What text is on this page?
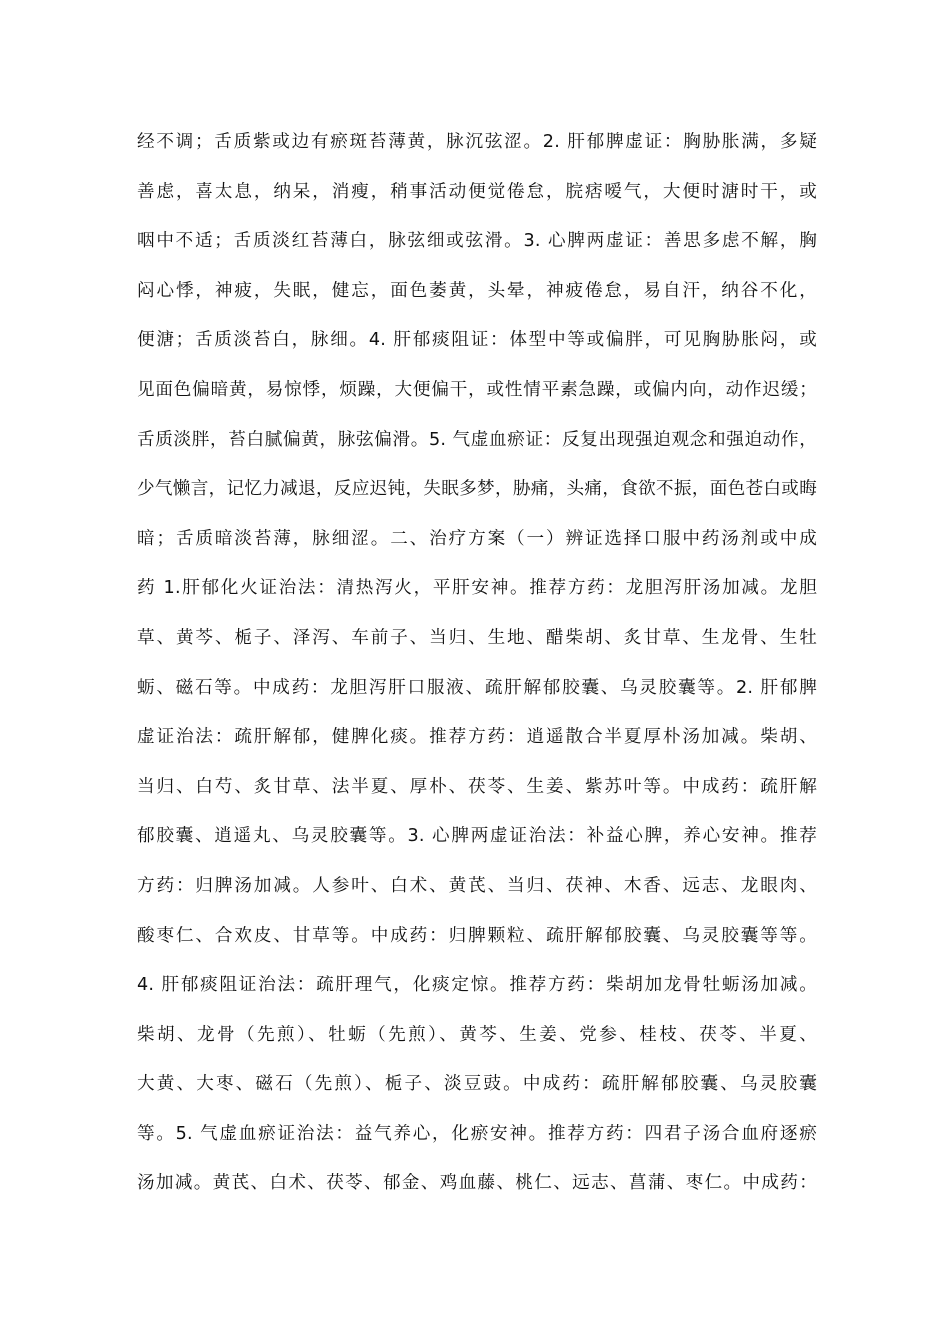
经不调；舌质紫或边有瘀斑苔薄黄，脉沉弦涩。2. 肝郁脾虚证：胸胁胀满，多疑
善虑，喜太息，纳呆，消瘦，稍事活动便觉倦怠，脘痞嗳气，大便时溏时干，或
咽中不适；舌质淡红苔薄白，脉弦细或弦滑。3. 心脾两虚证：善思多虑不解，胸
闷心悸，神疲，失眠，健忘，面色萎黄，头晕，神疲倦怠，易自汗，纳谷不化，
便溏；舌质淡苔白，脉细。4. 肝郁痰阻证：体型中等或偏胖，可见胸胁胀闷，或
见面色偏暗黄，易惊悸，烦躁，大便偏干，或性情平素急躁，或偏内向，动作迟缓；
舌质淡胖，苔白腻偏黄，脉弦偏滑。5. 气虚血瘀证：反复出现强迫观念和强迫动作，
少气懒言，记忆力减退，反应迟钝，失眠多梦，胁痛，头痛，食欲不振，面色苍白或晦
暗；舌质暗淡苔薄，脉细涩。二、治疗方案（一）辨证选择口服中药汤剂或中成
药 1.肝郁化火证治法：清热泻火，平肝安神。推荐方药：龙胆泻肝汤加减。龙胆
草、黄芩、栀子、泽泻、车前子、当归、生地、醋柴胡、炙甘草、生龙骨、生牡
蛎、磁石等。中成药：龙胆泻肝口服液、疏肝解郁胶囊、乌灵胶囊等。2. 肝郁脾
虚证治法：疏肝解郁，健脾化痰。推荐方药：逍遥散合半夏厚朴汤加减。柴胡、
当归、白芍、炙甘草、法半夏、厚朴、茯苓、生姜、紫苏叶等。中成药：疏肝解
郁胶囊、逍遥丸、乌灵胶囊等。3. 心脾两虚证治法：补益心脾，养心安神。推荐
方药：归脾汤加减。人参叶、白术、黄芪、当归、茯神、木香、远志、龙眼肉、
酸枣仁、合欢皮、甘草等。中成药：归脾颗粒、疏肝解郁胶囊、乌灵胶囊等等。
4. 肝郁痰阻证治法：疏肝理气，化痰定惊。推荐方药：柴胡加龙骨牡蛎汤加减。
柴胡、龙骨（先煎）、牡蛎（先煎）、黄芩、生姜、党参、桂枝、茯苓、半夏、
大黄、大枣、磁石（先煎）、栀子、淡豆豉。中成药：疏肝解郁胶囊、乌灵胶囊
等。5. 气虚血瘀证治法：益气养心，化瘀安神。推荐方药：四君子汤合血府逐瘀
汤加减。黄芪、白术、茯苓、郁金、鸡血藤、桃仁、远志、菖蒲、枣仁。中成药：
